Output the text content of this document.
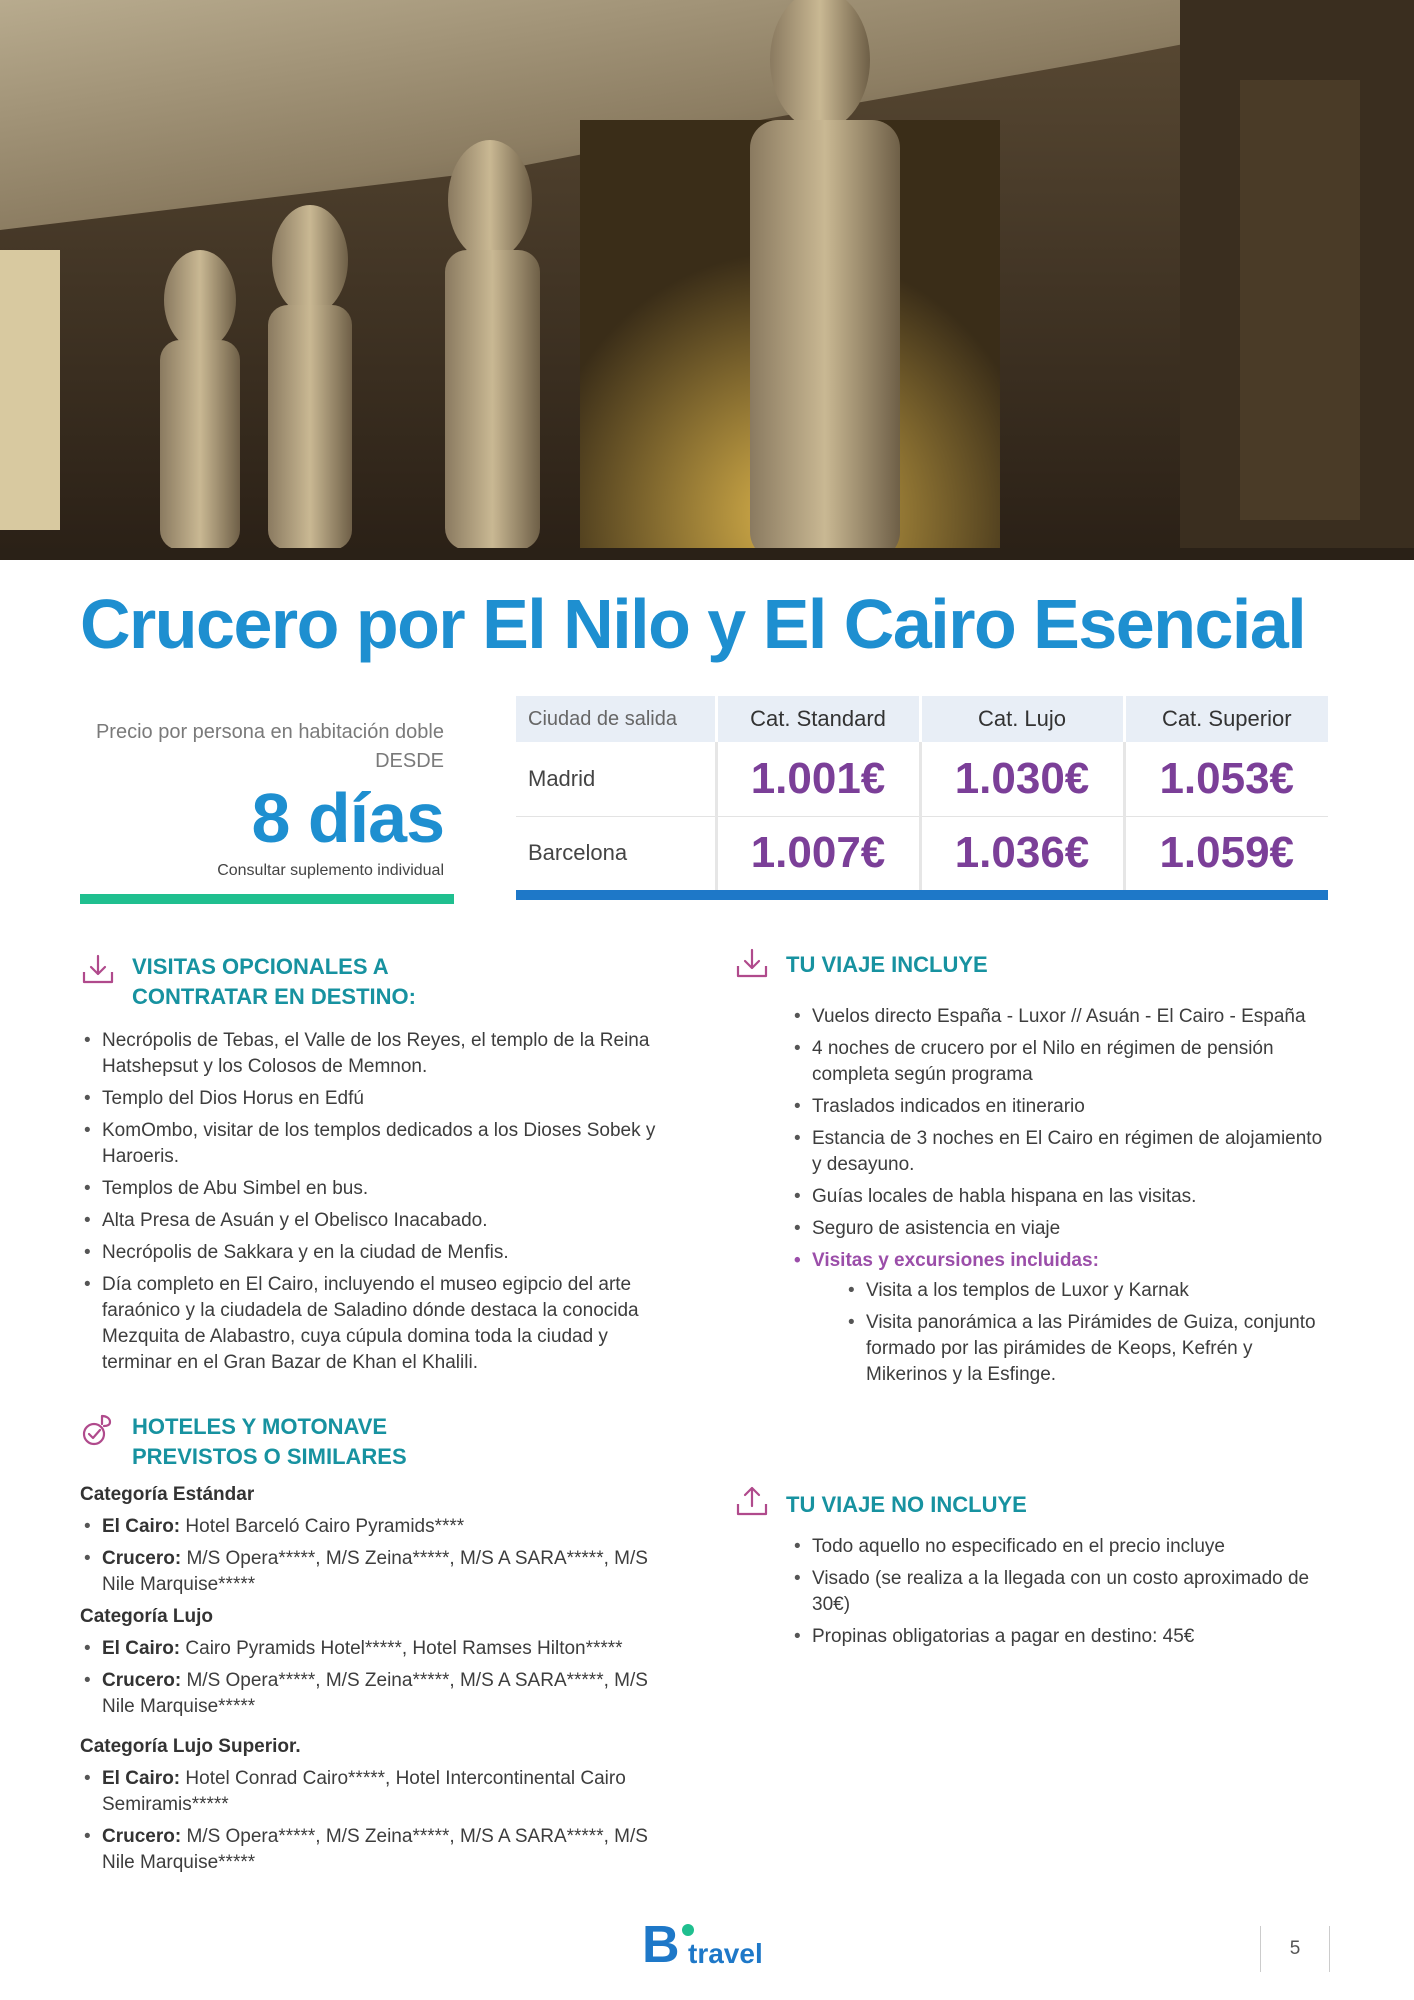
Crucero por El Nilo y El Cairo Esencial
Precio por persona en habitación doble DESDE
8 días
Consultar suplemento individual
Ciudad de salida	Cat. Standard	Cat. Lujo	Cat. Superior
Madrid	1.001€	1.030€	1.053€
Barcelona	1.007€	1.036€	1.059€
VISITAS OPCIONALES A
CONTRATAR EN DESTINO:
• Necrópolis de Tebas, el Valle de los Reyes, el templo de la Reina Hatshepsut y los Colosos de Memnon.
• Templo del Dios Horus en Edfú
• KomOmbo, visitar de los templos dedicados a los Dioses Sobek y Haroeris.
• Templos de Abu Simbel en bus.
• Alta Presa de Asuán y el Obelisco Inacabado.
• Necrópolis de Sakkara y en la ciudad de Menfis.
• Día completo en El Cairo, incluyendo el museo egipcio del arte faraónico y la ciudadela de Saladino dónde destaca la conocida Mezquita de Alabastro, cuya cúpula domina toda la ciudad y terminar en el Gran Bazar de Khan el Khalili.
HOTELES Y MOTONAVE
PREVISTOS O SIMILARES
Categoría Estándar
• El Cairo: Hotel Barceló Cairo Pyramids****
• Crucero: M/S Opera*****, M/S Zeina*****, M/S A SARA*****, M/S Nile Marquise*****
Categoría Lujo
• El Cairo: Cairo Pyramids Hotel*****, Hotel Ramses Hilton*****
• Crucero: M/S Opera*****, M/S Zeina*****, M/S A SARA*****, M/S Nile Marquise*****
Categoría Lujo Superior.
• El Cairo: Hotel Conrad Cairo*****, Hotel Intercontinental Cairo Semiramis*****
• Crucero: M/S Opera*****, M/S Zeina*****, M/S A SARA*****, M/S Nile Marquise*****
TU VIAJE INCLUYE
• Vuelos directo España - Luxor // Asuán - El Cairo - España
• 4 noches de crucero por el Nilo en régimen de pensión completa según programa
• Traslados indicados en itinerario
• Estancia de 3 noches en El Cairo en régimen de alojamiento y desayuno.
• Guías locales de habla hispana en las visitas.
• Seguro de asistencia en viaje
• Visitas y excursiones incluidas:
• Visita a los templos de Luxor y Karnak
• Visita panorámica a las Pirámides de Guiza, conjunto formado por las pirámides de Keops, Kefrén y Mikerinos y la Esfinge.
TU VIAJE NO INCLUYE
• Todo aquello no especificado en el precio incluye
• Visado (se realiza a la llegada con un costo aproximado de 30€)
• Propinas obligatorias a pagar en destino: 45€
B travel	5
